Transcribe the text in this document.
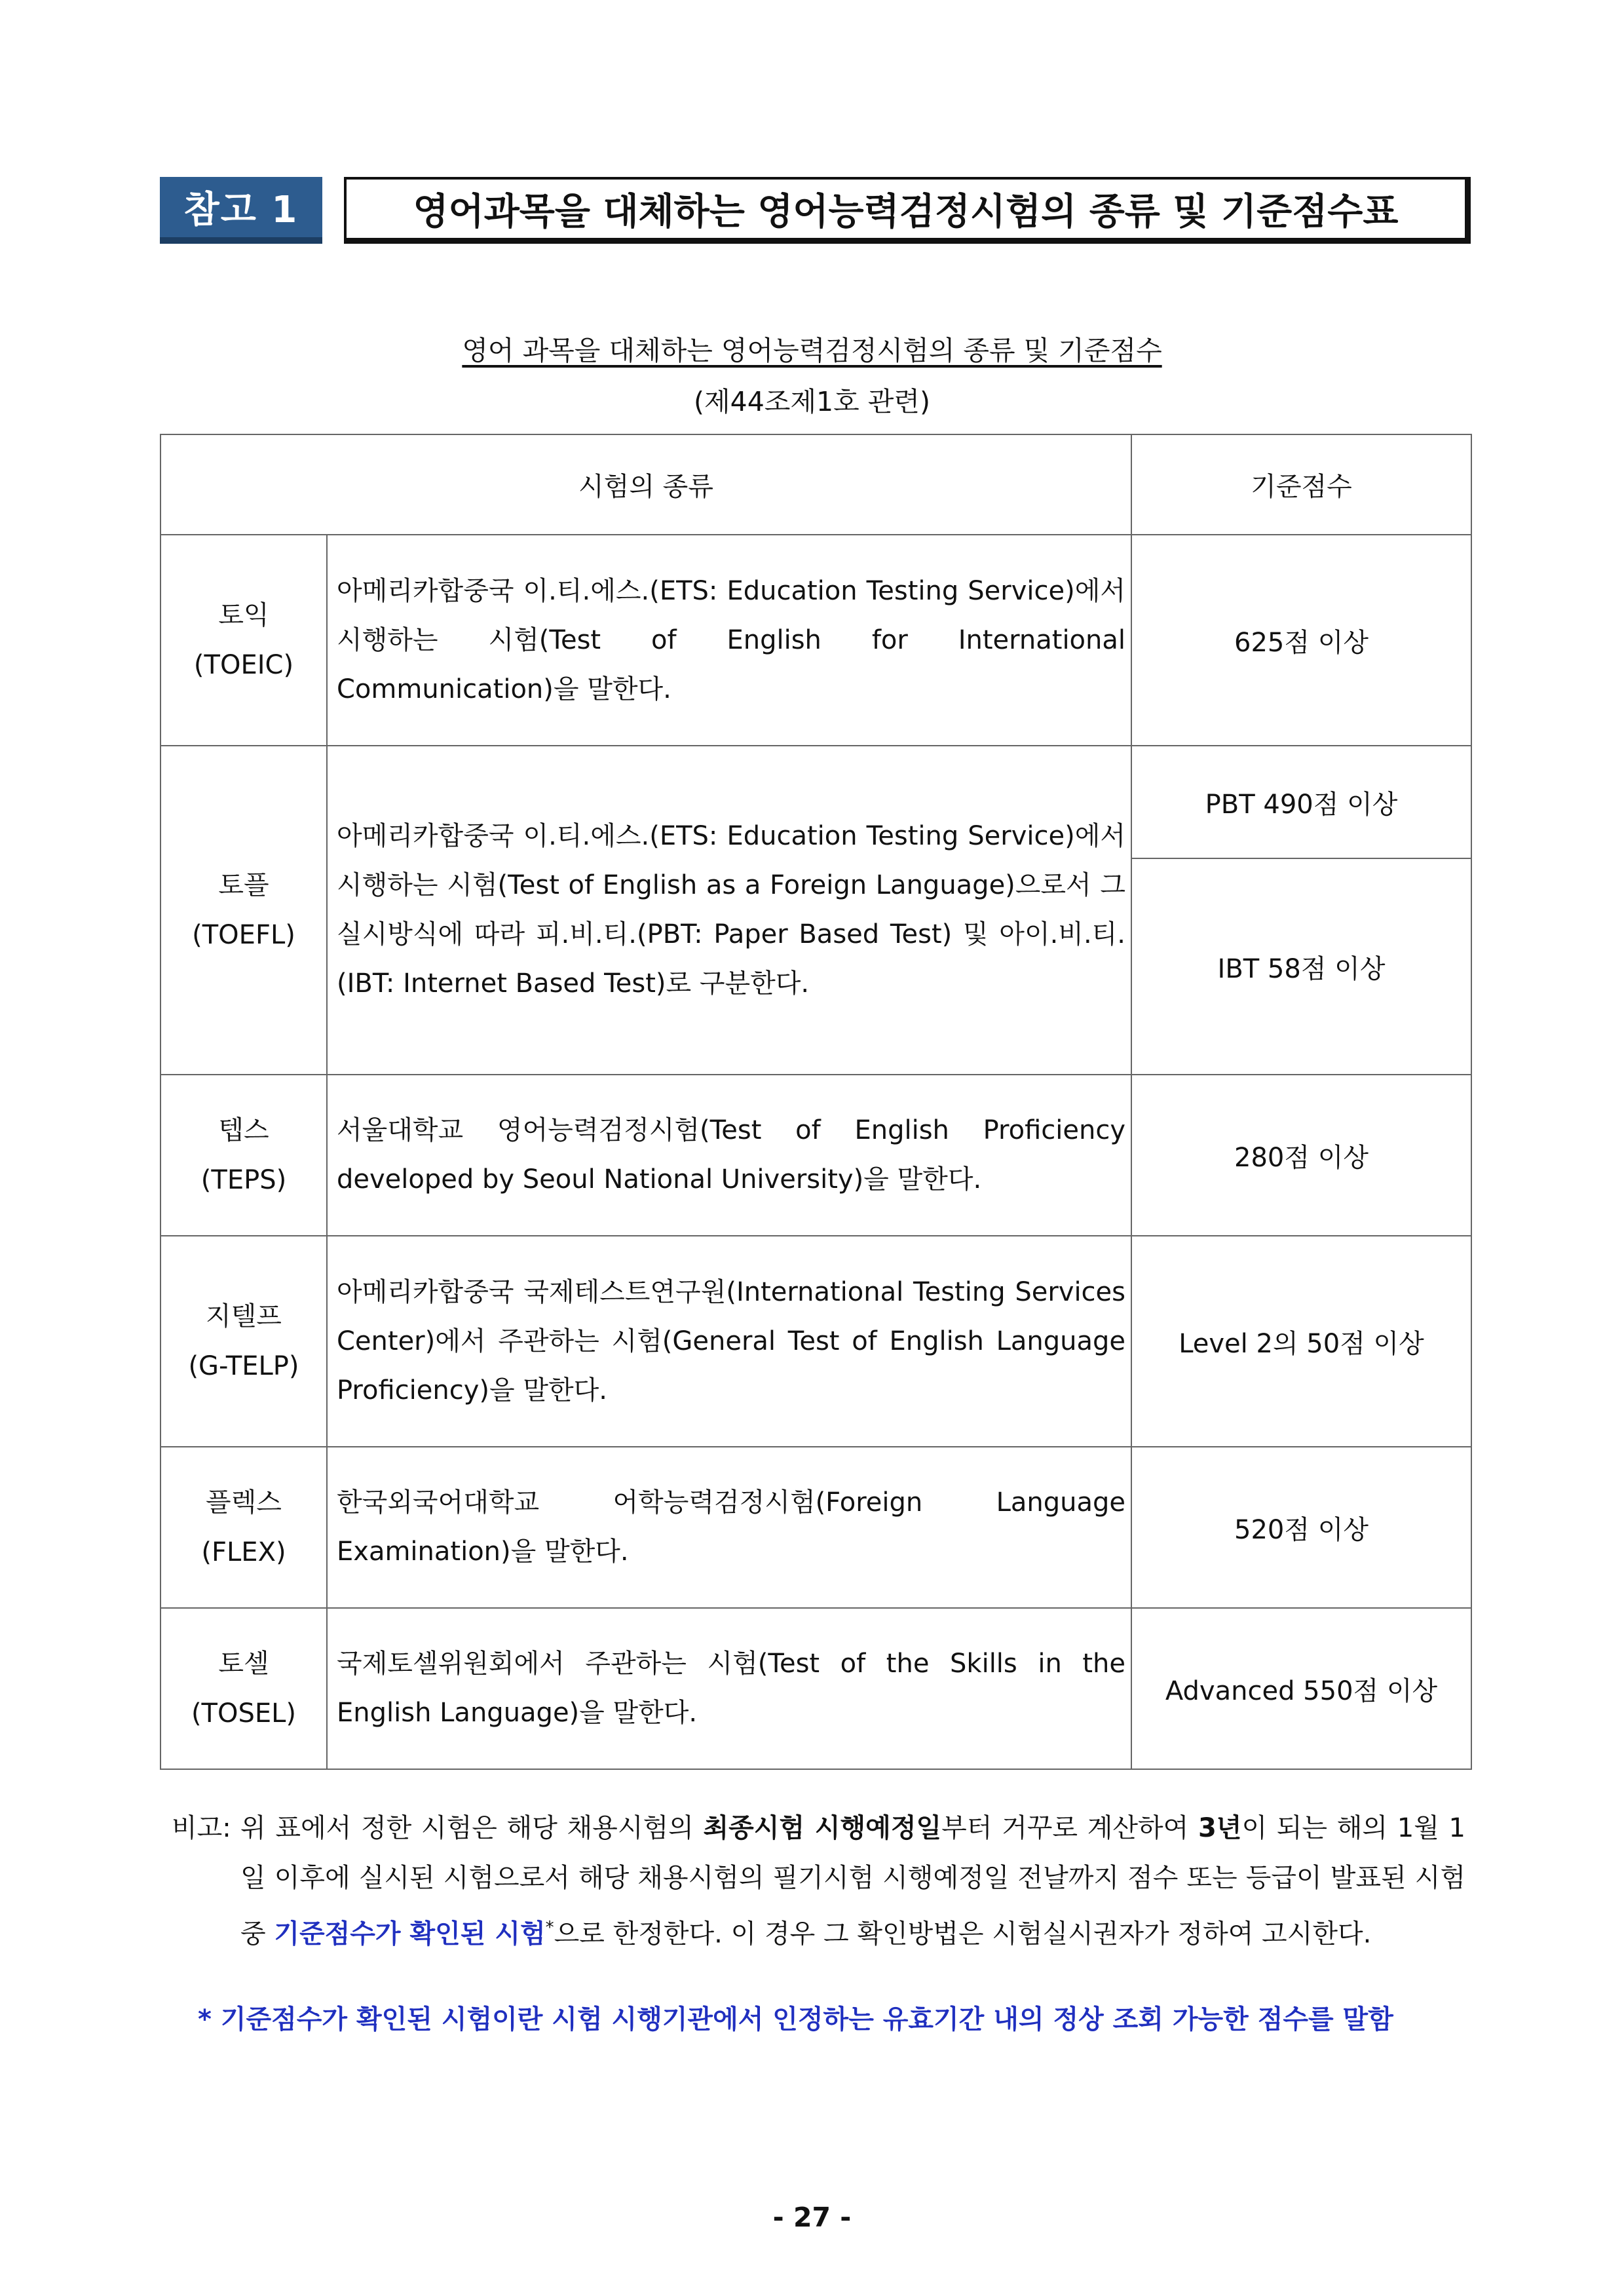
참고 1	영어과목을 대체하는 영어능력검정시험의 종류 및 기준점수표
영어 과목을 대체하는 영어능력검정시험의 종류 및 기준점수
(제44조제1호 관련)
시험의 종류		기준점수

토익
(TOEIC)	아메리카합중국 이.티.에스.(ETS: Education Testing Service)에서 시행하는 시험(Test of English for International Communication)을 말한다.	625점 이상

토플
(TOEFL)	아메리카합중국 이.티.에스.(ETS: Education Testing Service)에서 시행하는 시험(Test of English as a Foreign Language)으로서 그 실시방식에 따라 피.비.티.(PBT: Paper Based Test) 및 아이.비.티.(IBT: Internet Based Test)로 구분한다.	PBT 490점 이상
		IBT 58점 이상

텝스
(TEPS)	서울대학교 영어능력검정시험(Test of English Proficiency developed by Seoul National University)을 말한다.	280점 이상

지텔프
(G-TELP)	아메리카합중국 국제테스트연구원(International Testing Services Center)에서 주관하는 시험(General Test of English Language Proficiency)을 말한다.	Level 2의 50점 이상

플렉스
(FLEX)	한국외국어대학교 어학능력검정시험(Foreign Language Examination)을 말한다.	520점 이상

토셀
(TOSEL)	국제토셀위원회에서 주관하는 시험(Test of the Skills in the English Language)을 말한다.	Advanced 550점 이상
비고: 위 표에서 정한 시험은 해당 채용시험의 최종시험 시행예정일부터 거꾸로 계산하여 3년이 되는 해의 1월 1일 이후에 실시된 시험으로서 해당 채용시험의 필기시험 시행예정일 전날까지 점수 또는 등급이 발표된 시험 중 기준점수가 확인된 시험*으로 한정한다. 이 경우 그 확인방법은 시험실시권자가 정하여 고시한다.
* 기준점수가 확인된 시험이란 시험 시행기관에서 인정하는 유효기간 내의 정상 조회 가능한 점수를 말함
- 27 -
